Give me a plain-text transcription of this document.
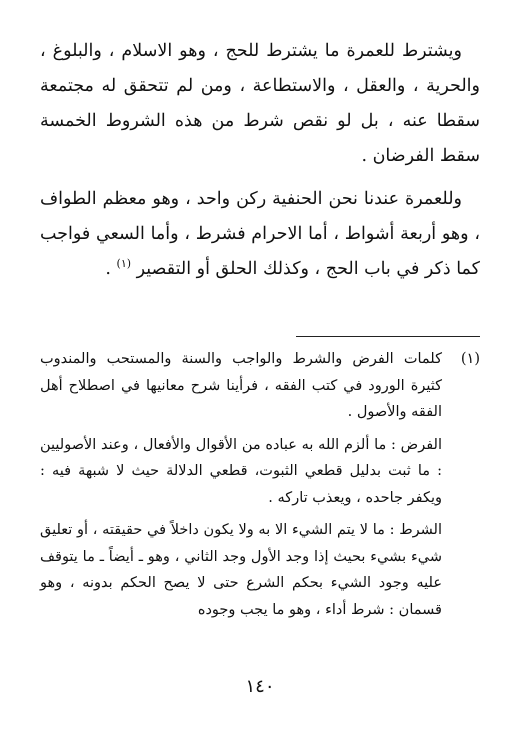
ويشترط للعمرة ما يشترط للحج ، وهو الاسلام ، والبلوغ ، والحرية ، والعقل ، والاستطاعة ، ومن لم تتحقق له مجتمعة سقطا عنه ، بل لو نقص شرط من هذه الشروط الخمسة سقط الفرضان .

وللعمرة عندنا نحن الحنفية ركن واحد ، وهو معظم الطواف ، وهو أربعة أشواط ، أما الاحرام فشرط ، وأما السعي فواجب كما ذكر في باب الحج ، وكذلك الحلق أو التقصير $^{(١)}$ .

(١)

كلمات الفرض والشرط والواجب والسنة والمستحب والمندوب كثيرة الورود في كتب الفقه ، فرأينا شرح معانيها في اصطلاح أهل الفقه والأصول .

الفرض : ما ألزم الله به عباده من الأقوال والأفعال ، وعند الأصوليين : ما ثبت بدليل قطعي الثبوت، قطعي الدلالة حيث لا شبهة فيه : ويكفر جاحده ، ويعذب تاركه .

الشرط : ما لا يتم الشيء الا به ولا يكون داخلاً في حقيقته ، أو تعليق شيء بشيء بحيث إذا وجد الأول وجد الثاني ، وهو ـ أيضاً ـ ما يتوقف عليه وجود الشيء بحكم الشرع حتى لا يصح الحكم بدونه ، وهو قسمان : شرط أداء ، وهو ما يجب وجوده

١٤٠
